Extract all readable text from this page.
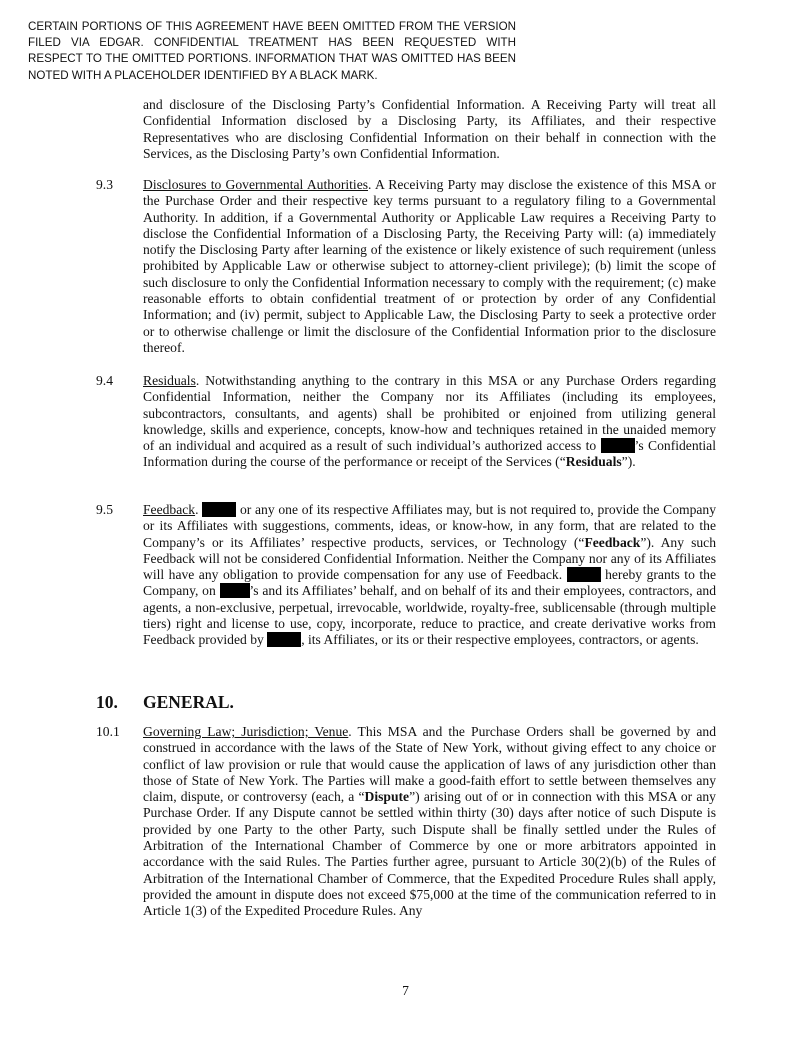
CERTAIN PORTIONS OF THIS AGREEMENT HAVE BEEN OMITTED FROM THE VERSION FILED VIA EDGAR. CONFIDENTIAL TREATMENT HAS BEEN REQUESTED WITH RESPECT TO THE OMITTED PORTIONS. INFORMATION THAT WAS OMITTED HAS BEEN NOTED WITH A PLACEHOLDER IDENTIFIED BY A BLACK MARK.
and disclosure of the Disclosing Party’s Confidential Information. A Receiving Party will treat all Confidential Information disclosed by a Disclosing Party, its Affiliates, and their respective Representatives who are disclosing Confidential Information on their behalf in connection with the Services, as the Disclosing Party’s own Confidential Information.
9.3 Disclosures to Governmental Authorities. A Receiving Party may disclose the existence of this MSA or the Purchase Order and their respective key terms pursuant to a regulatory filing to a Governmental Authority. In addition, if a Governmental Authority or Applicable Law requires a Receiving Party to disclose the Confidential Information of a Disclosing Party, the Receiving Party will: (a) immediately notify the Disclosing Party after learning of the existence or likely existence of such requirement (unless prohibited by Applicable Law or otherwise subject to attorney-client privilege); (b) limit the scope of such disclosure to only the Confidential Information necessary to comply with the requirement; (c) make reasonable efforts to obtain confidential treatment of or protection by order of any Confidential Information; and (iv) permit, subject to Applicable Law, the Disclosing Party to seek a protective order or to otherwise challenge or limit the disclosure of the Confidential Information prior to the disclosure thereof.
9.4 Residuals. Notwithstanding anything to the contrary in this MSA or any Purchase Orders regarding Confidential Information, neither the Company nor its Affiliates (including its employees, subcontractors, consultants, and agents) shall be prohibited or enjoined from utilizing general knowledge, skills and experience, concepts, know-how and techniques retained in the unaided memory of an individual and acquired as a result of such individual’s authorized access to	’s Confidential Information during the course of the performance or receipt of the Services (“Residuals”).
9.5 Feedback.	or any one of its respective Affiliates may, but is not required to, provide the Company or its Affiliates with suggestions, comments, ideas, or know-how, in any form, that are related to the Company’s or its Affiliates’ respective products, services, or Technology (“Feedback”). Any such Feedback will not be considered Confidential Information. Neither the Company nor any of its Affiliates will have any obligation to provide compensation for any use of Feedback.	hereby grants to the Company, on ’s and its Affiliates’ behalf, and on behalf of its and their employees, contractors, and agents, a non-exclusive, perpetual, irrevocable, worldwide, royalty-free, sublicensable (through multiple tiers) right and license to use, copy, incorporate, reduce to practice, and create derivative works from Feedback provided by	, its Affiliates, or its or their respective employees, contractors, or agents.
10. GENERAL.
10.1 Governing Law; Jurisdiction; Venue. This MSA and the Purchase Orders shall be governed by and construed in accordance with the laws of the State of New York, without giving effect to any choice or conflict of law provision or rule that would cause the application of laws of any jurisdiction other than those of State of New York. The Parties will make a good-faith effort to settle between themselves any claim, dispute, or controversy (each, a “Dispute”) arising out of or in connection with this MSA or any Purchase Order. If any Dispute cannot be settled within thirty (30) days after notice of such Dispute is provided by one Party to the other Party, such Dispute shall be finally settled under the Rules of Arbitration of the International Chamber of Commerce by one or more arbitrators appointed in accordance with the said Rules. The Parties further agree, pursuant to Article 30(2)(b) of the Rules of Arbitration of the International Chamber of Commerce, that the Expedited Procedure Rules shall apply, provided the amount in dispute does not exceed $75,000 at the time of the communication referred to in Article 1(3) of the Expedited Procedure Rules. Any
7
